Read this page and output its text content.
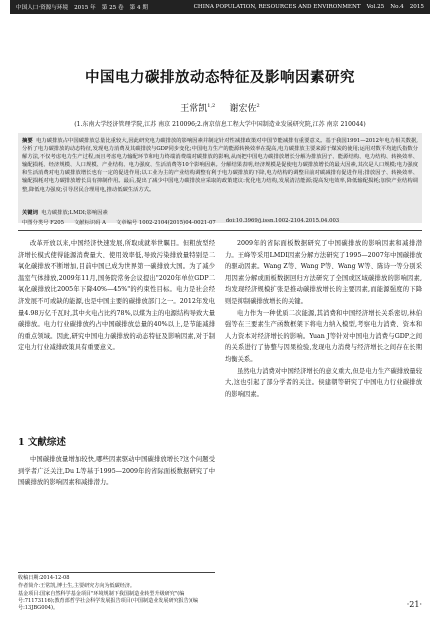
中国人口·资源与环境 2015 年 第 25 卷 第 4 期	CHINA POPULATION, RESOURCES AND ENVIRONMENT Vol.25 No.4 2015
中国电力碳排放动态特征及影响因素研究
王常凯$^{1,2}$ 谢宏佐$^2$
(1.东南大学经济管理学院,江苏 南京 210096;2.南京信息工程大学中国制造业发展研究院,江苏 南京 210044)
摘要 电力碳排放占中国碳排放总量比重较大,因此研究电力碳排放的影响因素并制定针对性减排政策对中国节能减排有重要意义。基于我国1991—2012年电力相关数据,分析了电力碳排放的动态特征,发现电力消费及其碳排放与GDP同步变化;中国电力生产的能源转换效率在提高,电力碳排放主要来源于煤炭的使用;运用对数平均迪氏指数分解方法,不仅考虑电力生产过程,而且考虑电力输配环节和电力终端消费端对碳排放的影响,从而把中国电力碳排放增长分解为排放因子、能源结构、电力结构、转换效率、输配损耗、经济规模、人口规模、产业结构、电力强度、生活消费等10个影响因素。分解结果表明,经济规模是促使电力碳排放增长的最大因素,其次是人口规模;电力强度和生活消费对电力碳排放增长也有一定的促进作用;以工业为主的产业结构调整有利于电力碳排放的下降,电力结构的调整目前对碳减排有促进作用;排放因子、转换效率、输配损耗对电力碳排放增长具有抑制作用。最后,提出了减少中国电力碳排放应采取的政策建议:优化电力结构,发展清洁能源;提高发电效率,降低输配损耗;加快产业结构调整,降低电力强度;引导居民合理用电,推动低碳生活方式。
关键词 电力碳排放;LMDI;影响因素
中图分类号 F205 文献标识码 A 文章编号 1002-2104(2015)04-0021-07 doi:10.3969/j.issn.1002-2104.2015.04.003

改革开放以来,中国经济快速发展,所取成就举世瞩目。但粗放型经济增长模式使得能源消费量大、使用效率低,导致污染排放量特别是二氧化碳排放不断增加,目前中国已成为世界第一碳排放大国。为了减少温室气体排放,2009年11月,国务院常务会议提出"2020年单位GDP二氧化碳排放比2005年下降40%—45%"的约束性目标。电力是社会经济发展不可或缺的能源,也是中国主要的碳排放部门之一。2012年发电量4.98万亿千瓦时,其中火电占比约78%,以煤为主的电源结构导致大量碳排放。电力行业碳排放约占中国碳排放总量的40%以上,是节能减排的重点领域。因此,研究中国电力碳排放的动态特征及影响因素,对于制定电力行业减排政策具有重要意义。

1 文献综述

中国碳排放量增加较快,哪些因素驱动中国碳排放增长?这个问题受到学者广泛关注,Du L等基于1995—2009年的省际面板数据研究了中国碳排放的影响因素和减排潜力。

2009年的省际面板数据研究了中国碳排放的影响因素和减排潜力。王峰等采用LMDI因素分解方法研究了1995—2007年中国碳排放的驱动因素。Wang Z等、Wang P等、Wang W等、陈诗一等分别采用因素分解或面板数据回归方法研究了全国或区域碳排放的影响因素,均发现经济规模扩张是推动碳排放增长的主要因素,而能源强度的下降则是抑制碳排放增长的关键。

电力作为一种优质二次能源,其消费和中国经济增长关系密切,林伯强等在三要素生产函数框架下将电力纳入模型,考察电力消费、资本和人力资本对经济增长的影响。Yuan J等针对中国电力消费与GDP之间的关系进行了协整与因果检验,发现电力消费与经济增长之间存在长期均衡关系。

虽然电力消费对中国经济增长的意义重大,但是电力生产碳排放量较大,这也引起了部分学者的关注。侯建朝等研究了中国电力行业碳排放的影响因素。

收稿日期:2014-12-08
作者简介:王常凯,博士生,主要研究方向为低碳经济。
基金项目:国家自然科学基金项目"环境规制下我国制造业转型升级研究"(编号:71173116);教育部哲学社会科学发展报告项目(中国制造业发展研究报告)(编号:13JBG004)。	·21·
